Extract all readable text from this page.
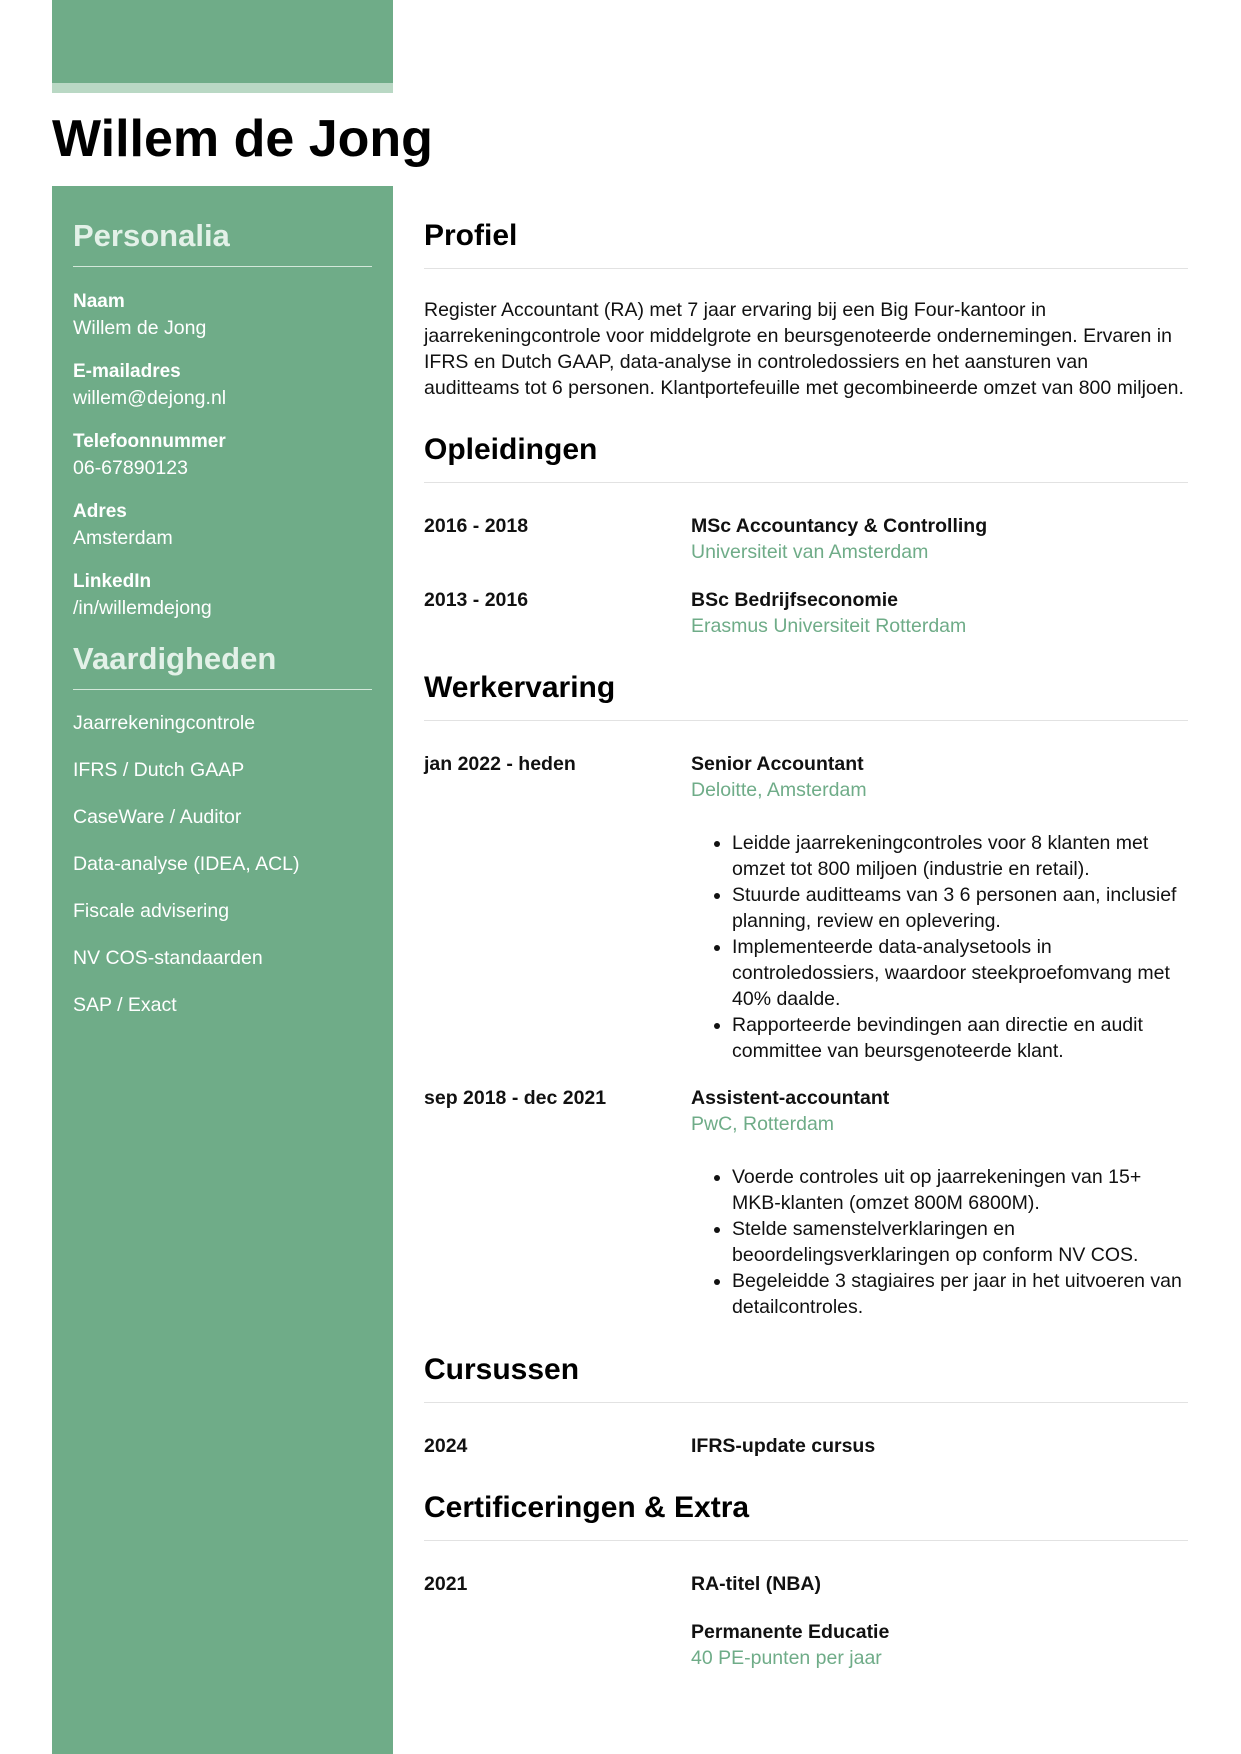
Willem de Jong
Personalia
Naam
Willem de Jong
E-mailadres
willem@dejong.nl
Telefoonnummer
06-67890123
Adres
Amsterdam
LinkedIn
/in/willemdejong
Vaardigheden
Jaarrekeningcontrole
IFRS / Dutch GAAP
CaseWare / Auditor
Data-analyse (IDEA, ACL)
Fiscale advisering
NV COS-standaarden
SAP / Exact
Profiel

Register Accountant (RA) met 7 jaar ervaring bij een Big Four-kantoor in jaarrekeningcontrole voor middelgrote en beursgenoteerde ondernemingen. Ervaren in IFRS en Dutch GAAP, data-analyse in controledossiers en het aansturen van auditteams tot 6 personen. Klantportefeuille met gecombineerde omzet van 800 miljoen.

Opleidingen
2016 - 2018	MSc Accountancy & Controlling
Universiteit van Amsterdam
2013 - 2016	BSc Bedrijfseconomie
Erasmus Universiteit Rotterdam
Werkervaring
jan 2022 - heden	Senior Accountant
Deloitte, Amsterdam
• Leidde jaarrekeningcontroles voor 8 klanten met omzet tot 800 miljoen (industrie en retail).
• Stuurde auditteams van 3 6 personen aan, inclusief planning, review en oplevering.
• Implementeerde data-analysetools in controledossiers, waardoor steekproefomvang met 40% daalde.
• Rapporteerde bevindingen aan directie en audit committee van beursgenoteerde klant.
sep 2018 - dec 2021	Assistent-accountant
PwC, Rotterdam
• Voerde controles uit op jaarrekeningen van 15+ MKB-klanten (omzet 800M 6800M).
• Stelde samenstelverklaringen en beoordelingsverklaringen op conform NV COS.
• Begeleidde 3 stagiaires per jaar in het uitvoeren van detailcontroles.
Cursussen
2024	IFRS-update cursus
Certificeringen & Extra
2021	RA-titel (NBA)
Permanente Educatie
40 PE-punten per jaar
